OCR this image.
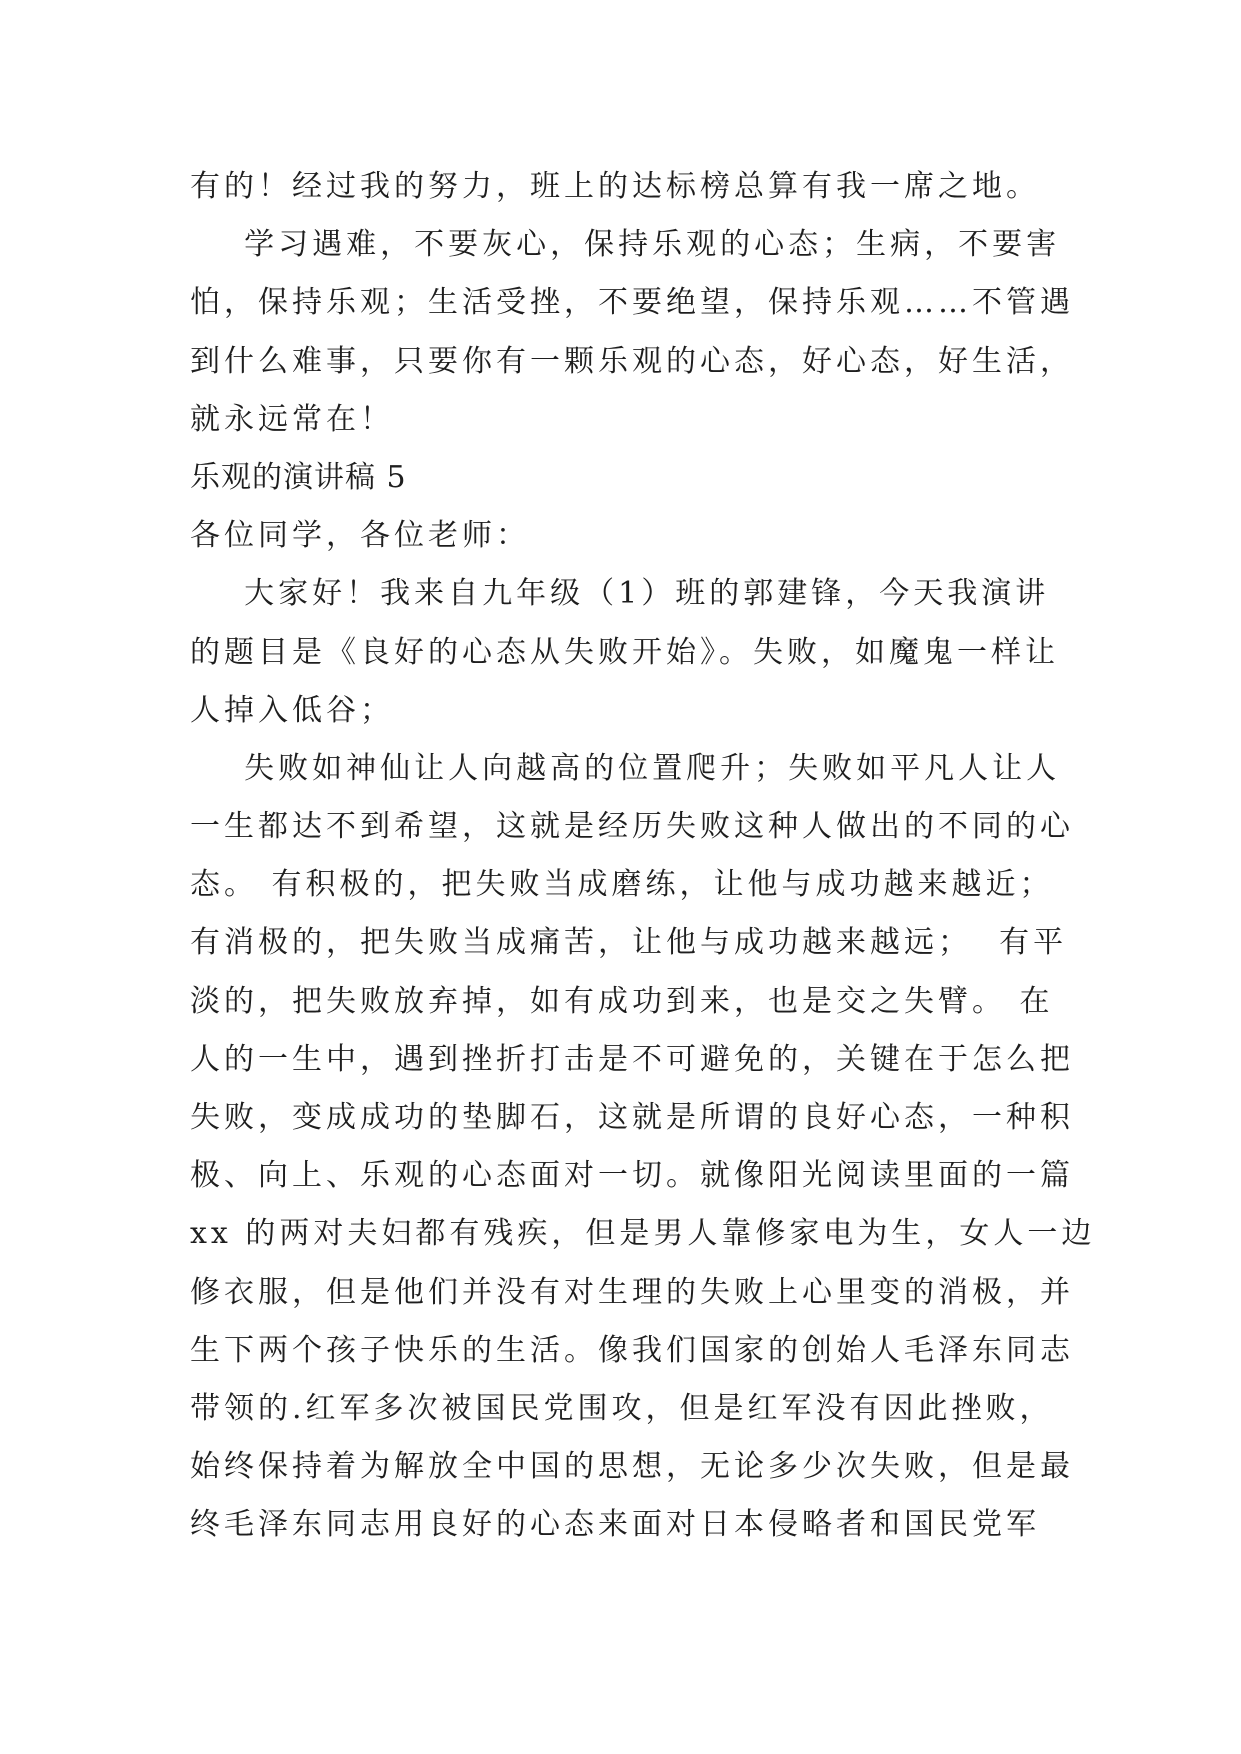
有的！经过我的努力，班上的达标榜总算有我一席之地。
学习遇难，不要灰心，保持乐观的心态；生病，不要害
怕，保持乐观；生活受挫，不要绝望，保持乐观……不管遇
到什么难事，只要你有一颗乐观的心态，好心态，好生活，
就永远常在！
乐观的演讲稿 5
各位同学，各位老师：
大家好！我来自九年级（1）班的郭建锋，今天我演讲
的题目是《良好的心态从失败开始》。失败，如魔鬼一样让
人掉入低谷；
失败如神仙让人向越高的位置爬升；失败如平凡人让人
一生都达不到希望，这就是经历失败这种人做出的不同的心
态。 有积极的，把失败当成磨练，让他与成功越来越近；
有消极的，把失败当成痛苦，让他与成功越来越远；  有平
淡的，把失败放弃掉，如有成功到来，也是交之失臂。 在
人的一生中，遇到挫折打击是不可避免的，关键在于怎么把
失败，变成成功的垫脚石，这就是所谓的良好心态，一种积
极、向上、乐观的心态面对一切。就像阳光阅读里面的一篇
xx 的两对夫妇都有残疾，但是男人靠修家电为生，女人一边
修衣服，但是他们并没有对生理的失败上心里变的消极，并
生下两个孩子快乐的生活。像我们国家的创始人毛泽东同志
带领的.红军多次被国民党围攻，但是红军没有因此挫败，
始终保持着为解放全中国的思想，无论多少次失败，但是最
终毛泽东同志用良好的心态来面对日本侵略者和国民党军
